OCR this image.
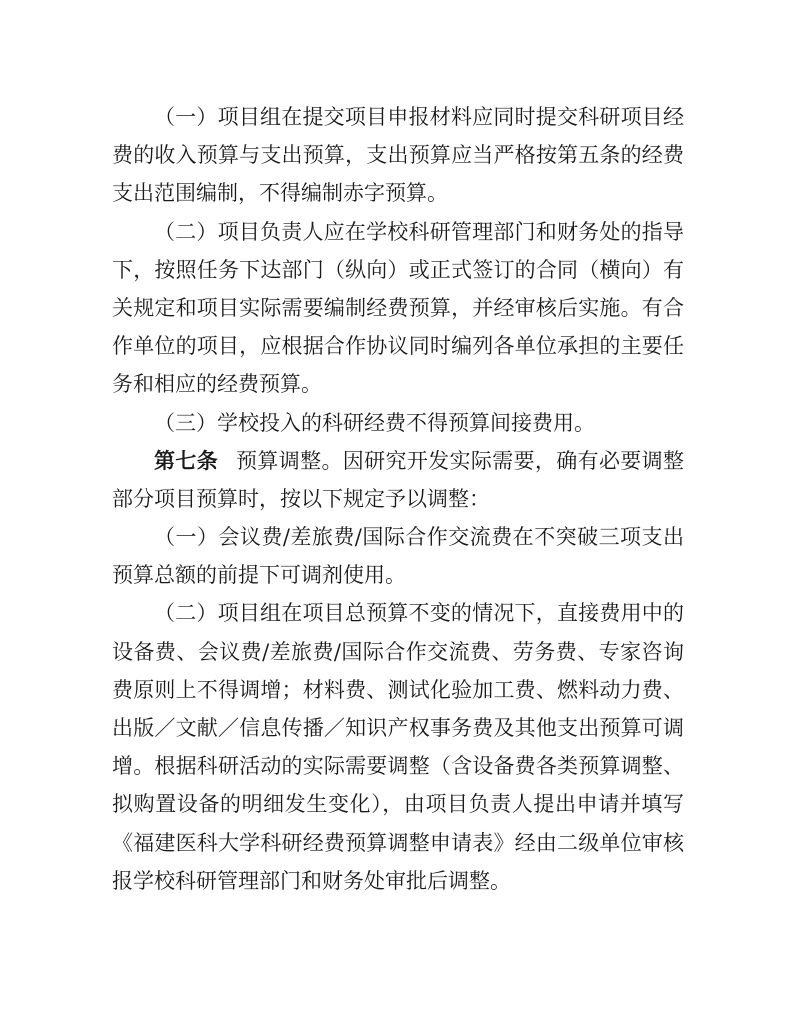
（一）项目组在提交项目申报材料应同时提交科研项目经
费的收入预算与支出预算，支出预算应当严格按第五条的经费
支出范围编制，不得编制赤字预算。
（二）项目负责人应在学校科研管理部门和财务处的指导
下，按照任务下达部门（纵向）或正式签订的合同（横向）有
关规定和项目实际需要编制经费预算，并经审核后实施。有合
作单位的项目，应根据合作协议同时编列各单位承担的主要任
务和相应的经费预算。
（三）学校投入的科研经费不得预算间接费用。
第七条 预算调整。因研究开发实际需要，确有必要调整
部分项目预算时，按以下规定予以调整：
（一）会议费/差旅费/国际合作交流费在不突破三项支出
预算总额的前提下可调剂使用。
（二）项目组在项目总预算不变的情况下，直接费用中的
设备费、会议费/差旅费/国际合作交流费、劳务费、专家咨询
费原则上不得调增；材料费、测试化验加工费、燃料动力费、
出版／文献／信息传播／知识产权事务费及其他支出预算可调
增。根据科研活动的实际需要调整（含设备费各类预算调整、
拟购置设备的明细发生变化），由项目负责人提出申请并填写
《福建医科大学科研经费预算调整申请表》经由二级单位审核
报学校科研管理部门和财务处审批后调整。
